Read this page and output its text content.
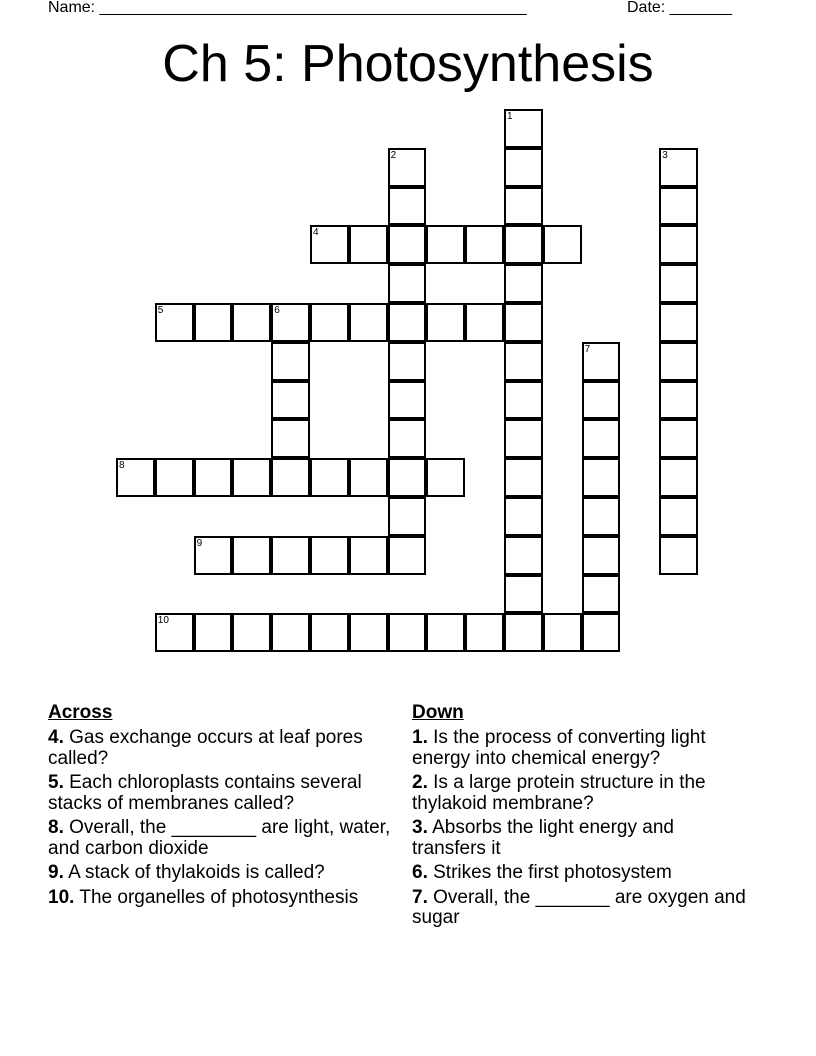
Name: ________________________________________________	Date: _______
Ch 5: Photosynthesis
1
2	3
4
5	6
7
8
9
10
Across
4. Gas exchange occurs at leaf pores called?
5. Each chloroplasts contains several stacks of membranes called?
8. Overall, the ________ are light, water, and carbon dioxide
9. A stack of thylakoids is called?
10. The organelles of photosynthesis
Down
1. Is the process of converting light energy into chemical energy?
2. Is a large protein structure in the thylakoid membrane?
3. Absorbs the light energy and transfers it
6. Strikes the first photosystem
7. Overall, the _______ are oxygen and sugar
